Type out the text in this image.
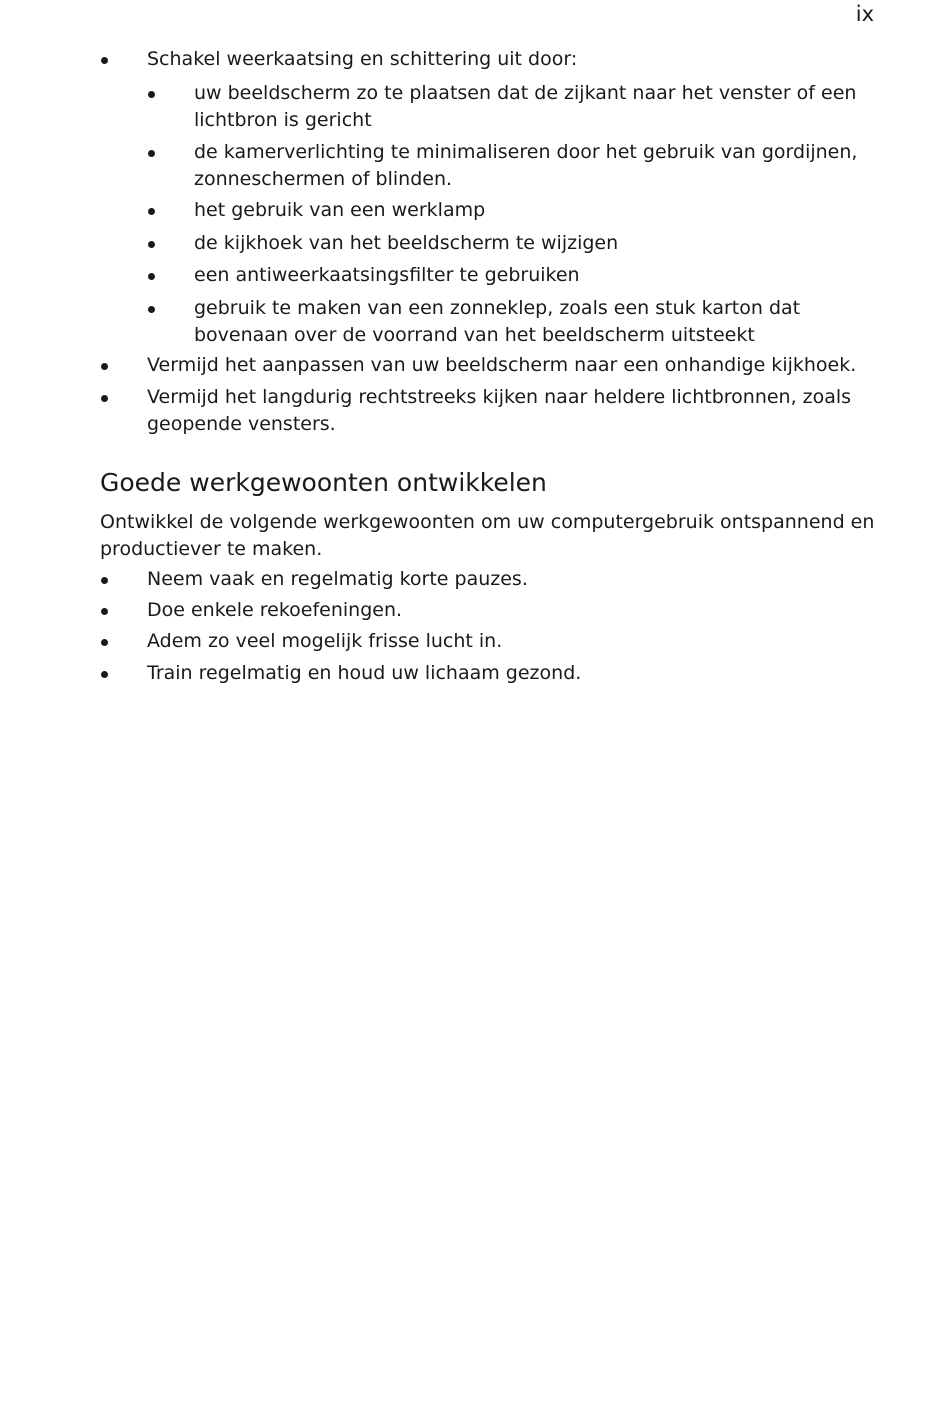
ix
Schakel weerkaatsing en schittering uit door:
uw beeldscherm zo te plaatsen dat de zijkant naar het venster of een lichtbron is gericht
de kamerverlichting te minimaliseren door het gebruik van gordijnen, zonneschermen of blinden.
het gebruik van een werklamp
de kijkhoek van het beeldscherm te wijzigen
een antiweerkaatsingsfilter te gebruiken
gebruik te maken van een zonneklep, zoals een stuk karton dat bovenaan over de voorrand van het beeldscherm uitsteekt
Vermijd het aanpassen van uw beeldscherm naar een onhandige kijkhoek.
Vermijd het langdurig rechtstreeks kijken naar heldere lichtbronnen, zoals geopende vensters.
Goede werkgewoonten ontwikkelen

Ontwikkel de volgende werkgewoonten om uw computergebruik ontspannend en productiever te maken.

Neem vaak en regelmatig korte pauzes.
Doe enkele rekoefeningen.
Adem zo veel mogelijk frisse lucht in.
Train regelmatig en houd uw lichaam gezond.
